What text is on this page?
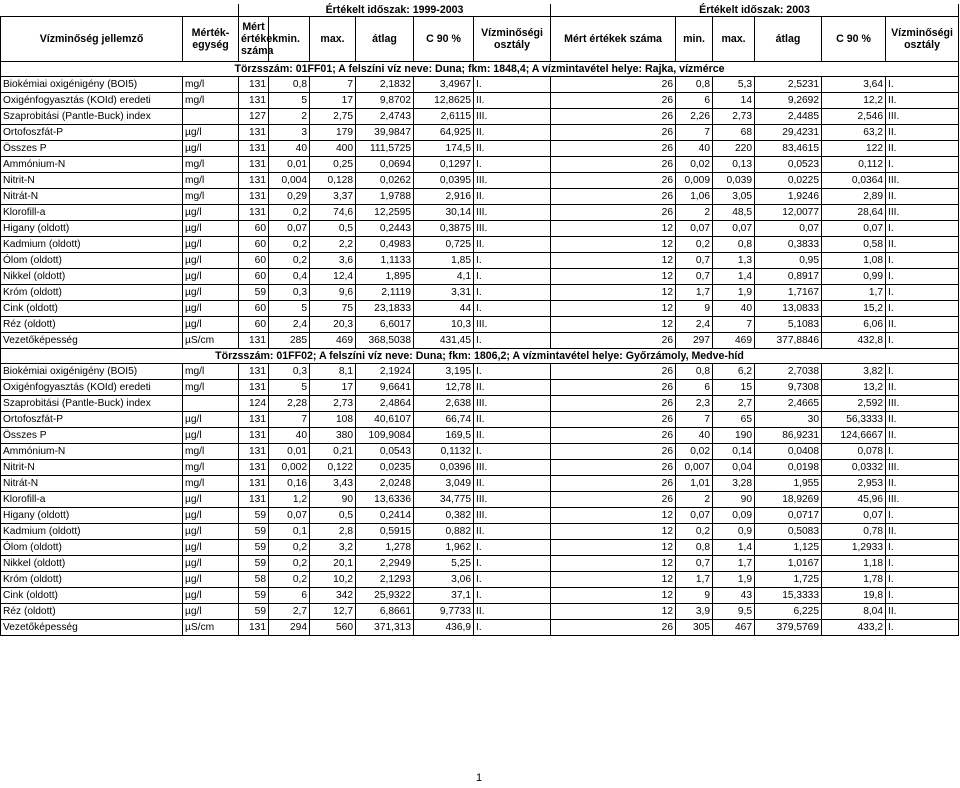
		Értékelt időszak: 1999-2003						Értékelt időszak: 2003					
Vízminőség jellemző	Mérték-egység	Mért értékek száma	min.	max.	átlag	C 90 %	Vízminőségi osztály	Mért értékek száma	min.	max.	átlag	C 90 %	Vízminőségi osztály
Törzsszám: 01FF01; A felszíni víz neve: Duna; fkm: 1848,4; A vízmintavétel helye: Rajka, vízmérce													
Biokémiai oxigénigény (BOI5)	mg/l	131	0,8	7	2,1832	3,4967	I.	26	0,8	5,3	2,5231	3,64	I.
Oxigénfogyasztás (KOId) eredeti	mg/l	131	5	17	9,8702	12,8625	II.	26	6	14	9,2692	12,2	II.
Szaprobitási (Pantle-Buck) index		127	2	2,75	2,4743	2,6115	III.	26	2,26	2,73	2,4485	2,546	III.
Ortofoszfát-P	µg/l	131	3	179	39,9847	64,925	II.	26	7	68	29,4231	63,2	II.
Összes P	µg/l	131	40	400	111,5725	174,5	II.	26	40	220	83,4615	122	II.
Ammónium-N	mg/l	131	0,01	0,25	0,0694	0,1297	I.	26	0,02	0,13	0,0523	0,112	I.
Nitrit-N	mg/l	131	0,004	0,128	0,0262	0,0395	III.	26	0,009	0,039	0,0225	0,0364	III.
Nitrát-N	mg/l	131	0,29	3,37	1,9788	2,916	II.	26	1,06	3,05	1,9246	2,89	II.
Klorofill-a	µg/l	131	0,2	74,6	12,2595	30,14	III.	26	2	48,5	12,0077	28,64	III.
Higany (oldott)	µg/l	60	0,07	0,5	0,2443	0,3875	III.	12	0,07	0,07	0,07	0,07	I.
Kadmium (oldott)	µg/l	60	0,2	2,2	0,4983	0,725	II.	12	0,2	0,8	0,3833	0,58	II.
Ólom (oldott)	µg/l	60	0,2	3,6	1,1133	1,85	I.	12	0,7	1,3	0,95	1,08	I.
Nikkel (oldott)	µg/l	60	0,4	12,4	1,895	4,1	I.	12	0,7	1,4	0,8917	0,99	I.
Króm (oldott)	µg/l	59	0,3	9,6	2,1119	3,31	I.	12	1,7	1,9	1,7167	1,7	I.
Cink (oldott)	µg/l	60	5	75	23,1833	44	I.	12	9	40	13,0833	15,2	I.
Réz (oldott)	µg/l	60	2,4	20,3	6,6017	10,3	III.	12	2,4	7	5,1083	6,06	II.
Vezetőképesség	µS/cm	131	285	469	368,5038	431,45	I.	26	297	469	377,8846	432,8	I.
Törzsszám: 01FF02; A felszíni víz neve: Duna; fkm: 1806,2; A vízmintavétel helye: Győrzámoly, Medve-híd													
Biokémiai oxigénigény (BOI5)	mg/l	131	0,3	8,1	2,1924	3,195	I.	26	0,8	6,2	2,7038	3,82	I.
Oxigénfogyasztás (KOId) eredeti	mg/l	131	5	17	9,6641	12,78	II.	26	6	15	9,7308	13,2	II.
Szaprobitási (Pantle-Buck) index		124	2,28	2,73	2,4864	2,638	III.	26	2,3	2,7	2,4665	2,592	III.
Ortofoszfát-P	µg/l	131	7	108	40,6107	66,74	II.	26	7	65	30	56,3333	II.
Összes P	µg/l	131	40	380	109,9084	169,5	II.	26	40	190	86,9231	124,6667	II.
Ammónium-N	mg/l	131	0,01	0,21	0,0543	0,1132	I.	26	0,02	0,14	0,0408	0,078	I.
Nitrit-N	mg/l	131	0,002	0,122	0,0235	0,0396	III.	26	0,007	0,04	0,0198	0,0332	III.
Nitrát-N	mg/l	131	0,16	3,43	2,0248	3,049	II.	26	1,01	3,28	1,955	2,953	II.
Klorofill-a	µg/l	131	1,2	90	13,6336	34,775	III.	26	2	90	18,9269	45,96	III.
Higany (oldott)	µg/l	59	0,07	0,5	0,2414	0,382	III.	12	0,07	0,09	0,0717	0,07	I.
Kadmium (oldott)	µg/l	59	0,1	2,8	0,5915	0,882	II.	12	0,2	0,9	0,5083	0,78	II.
Ólom (oldott)	µg/l	59	0,2	3,2	1,278	1,962	I.	12	0,8	1,4	1,125	1,2933	I.
Nikkel (oldott)	µg/l	59	0,2	20,1	2,2949	5,25	I.	12	0,7	1,7	1,0167	1,18	I.
Króm (oldott)	µg/l	58	0,2	10,2	2,1293	3,06	I.	12	1,7	1,9	1,725	1,78	I.
Cink (oldott)	µg/l	59	6	342	25,9322	37,1	I.	12	9	43	15,3333	19,8	I.
Réz (oldott)	µg/l	59	2,7	12,7	6,8661	9,7733	II.	12	3,9	9,5	6,225	8,04	II.
Vezetőképesség	µS/cm	131	294	560	371,313	436,9	I.	26	305	467	379,5769	433,2	I.
1
